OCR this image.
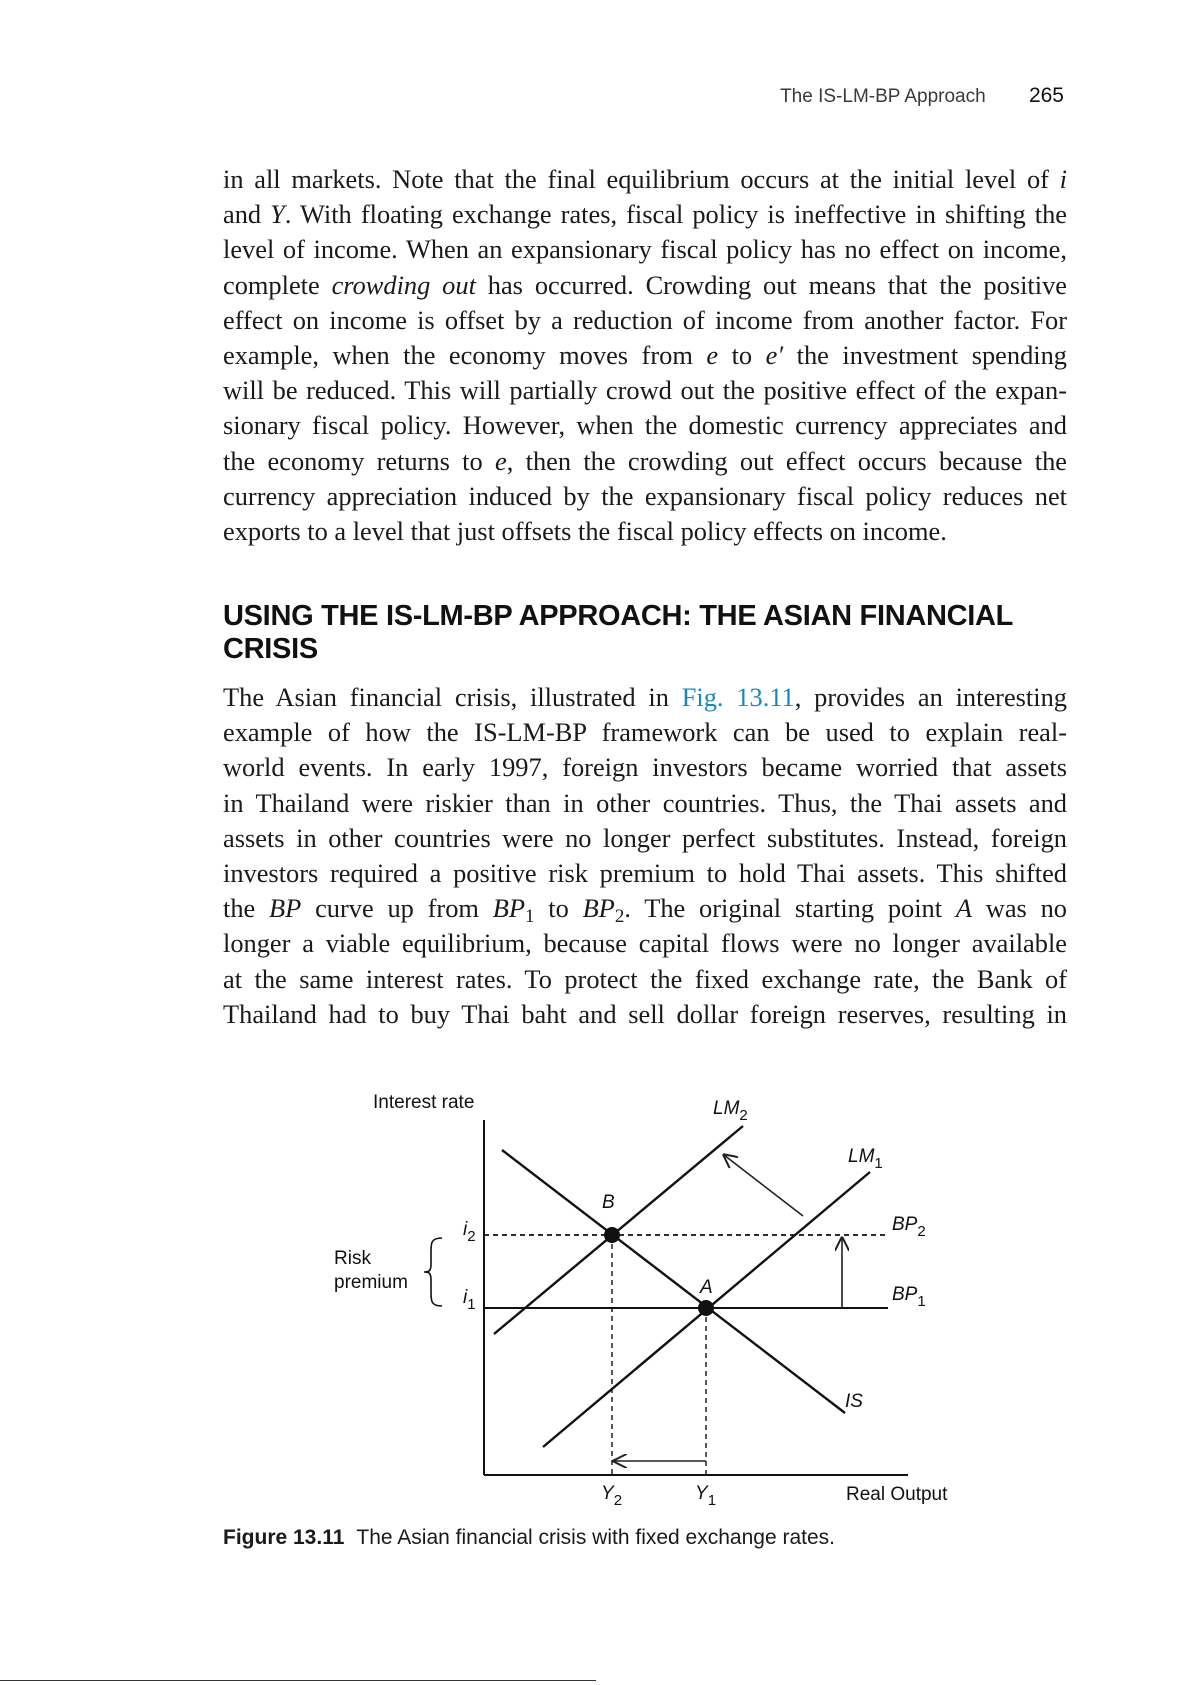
The IS-LM-BP Approach 265
in all markets. Note that the final equilibrium occurs at the initial level of i
and Y. With floating exchange rates, fiscal policy is ineffective in shifting the
level of income. When an expansionary fiscal policy has no effect on income,
complete crowding out has occurred. Crowding out means that the positive
effect on income is offset by a reduction of income from another factor. For
example, when the economy moves from e to e′ the investment spending
will be reduced. This will partially crowd out the positive effect of the expan-
sionary fiscal policy. However, when the domestic currency appreciates and
the economy returns to e, then the crowding out effect occurs because the
currency appreciation induced by the expansionary fiscal policy reduces net
exports to a level that just offsets the fiscal policy effects on income.
USING THE IS-LM-BP APPROACH: THE ASIAN FINANCIAL
CRISIS
The Asian financial crisis, illustrated in Fig. 13.11, provides an interesting
example of how the IS-LM-BP framework can be used to explain real-
world events. In early 1997, foreign investors became worried that assets
in Thailand were riskier than in other countries. Thus, the Thai assets and
assets in other countries were no longer perfect substitutes. Instead, foreign
investors required a positive risk premium to hold Thai assets. This shifted
the BP curve up from $BP_1$ to $BP_2$. The original starting point A was no
longer a viable equilibrium, because capital flows were no longer available
at the same interest rates. To protect the fixed exchange rate, the Bank of
Thailand had to buy Thai baht and sell dollar foreign reserves, resulting in
Interest rate
Real Output
Risk
premium
$i_2$
$i_1$
$LM_2$
$LM_1$
$BP_2$
$BP_1$
IS
B
A
$Y_2$	$Y_1$
Figure 13.11 The Asian financial crisis with fixed exchange rates.
